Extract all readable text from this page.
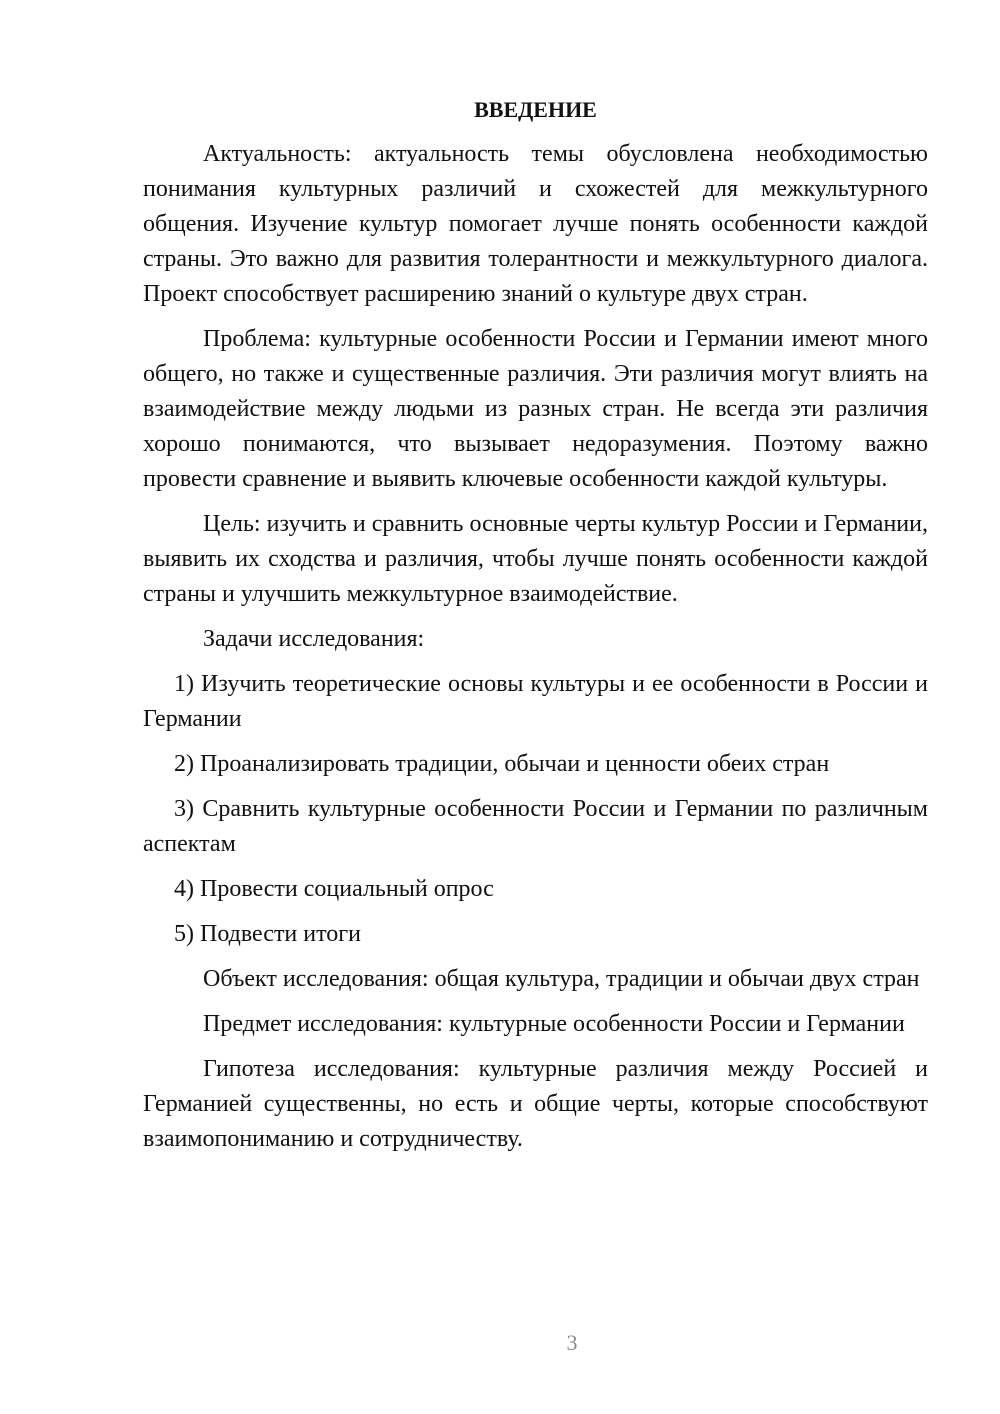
ВВЕДЕНИЕ

Актуальность: актуальность темы обусловлена необходимостью понимания культурных различий и схожестей для межкультурного общения. Изучение культур помогает лучше понять особенности каждой страны. Это важно для развития толерантности и межкультурного диалога. Проект способствует расширению знаний о культуре двух стран.

Проблема: культурные особенности России и Германии имеют много общего, но также и существенные различия. Эти различия могут влиять на взаимодействие между людьми из разных стран. Не всегда эти различия хорошо понимаются, что вызывает недоразумения. Поэтому важно провести сравнение и выявить ключевые особенности каждой культуры.

Цель: изучить и сравнить основные черты культур России и Германии, выявить их сходства и различия, чтобы лучше понять особенности каждой страны и улучшить межкультурное взаимодействие.

Задачи исследования:

1) Изучить теоретические основы культуры и ее особенности в России и Германии

2) Проанализировать традиции, обычаи и ценности обеих стран

3) Сравнить культурные особенности России и Германии по различным аспектам

4) Провести социальный опрос

5) Подвести итоги

Объект исследования: общая культура, традиции и обычаи двух стран

Предмет исследования: культурные особенности России и Германии

Гипотеза исследования: культурные различия между Россией и Германией существенны, но есть и общие черты, которые способствуют взаимопониманию и сотрудничеству.

3
